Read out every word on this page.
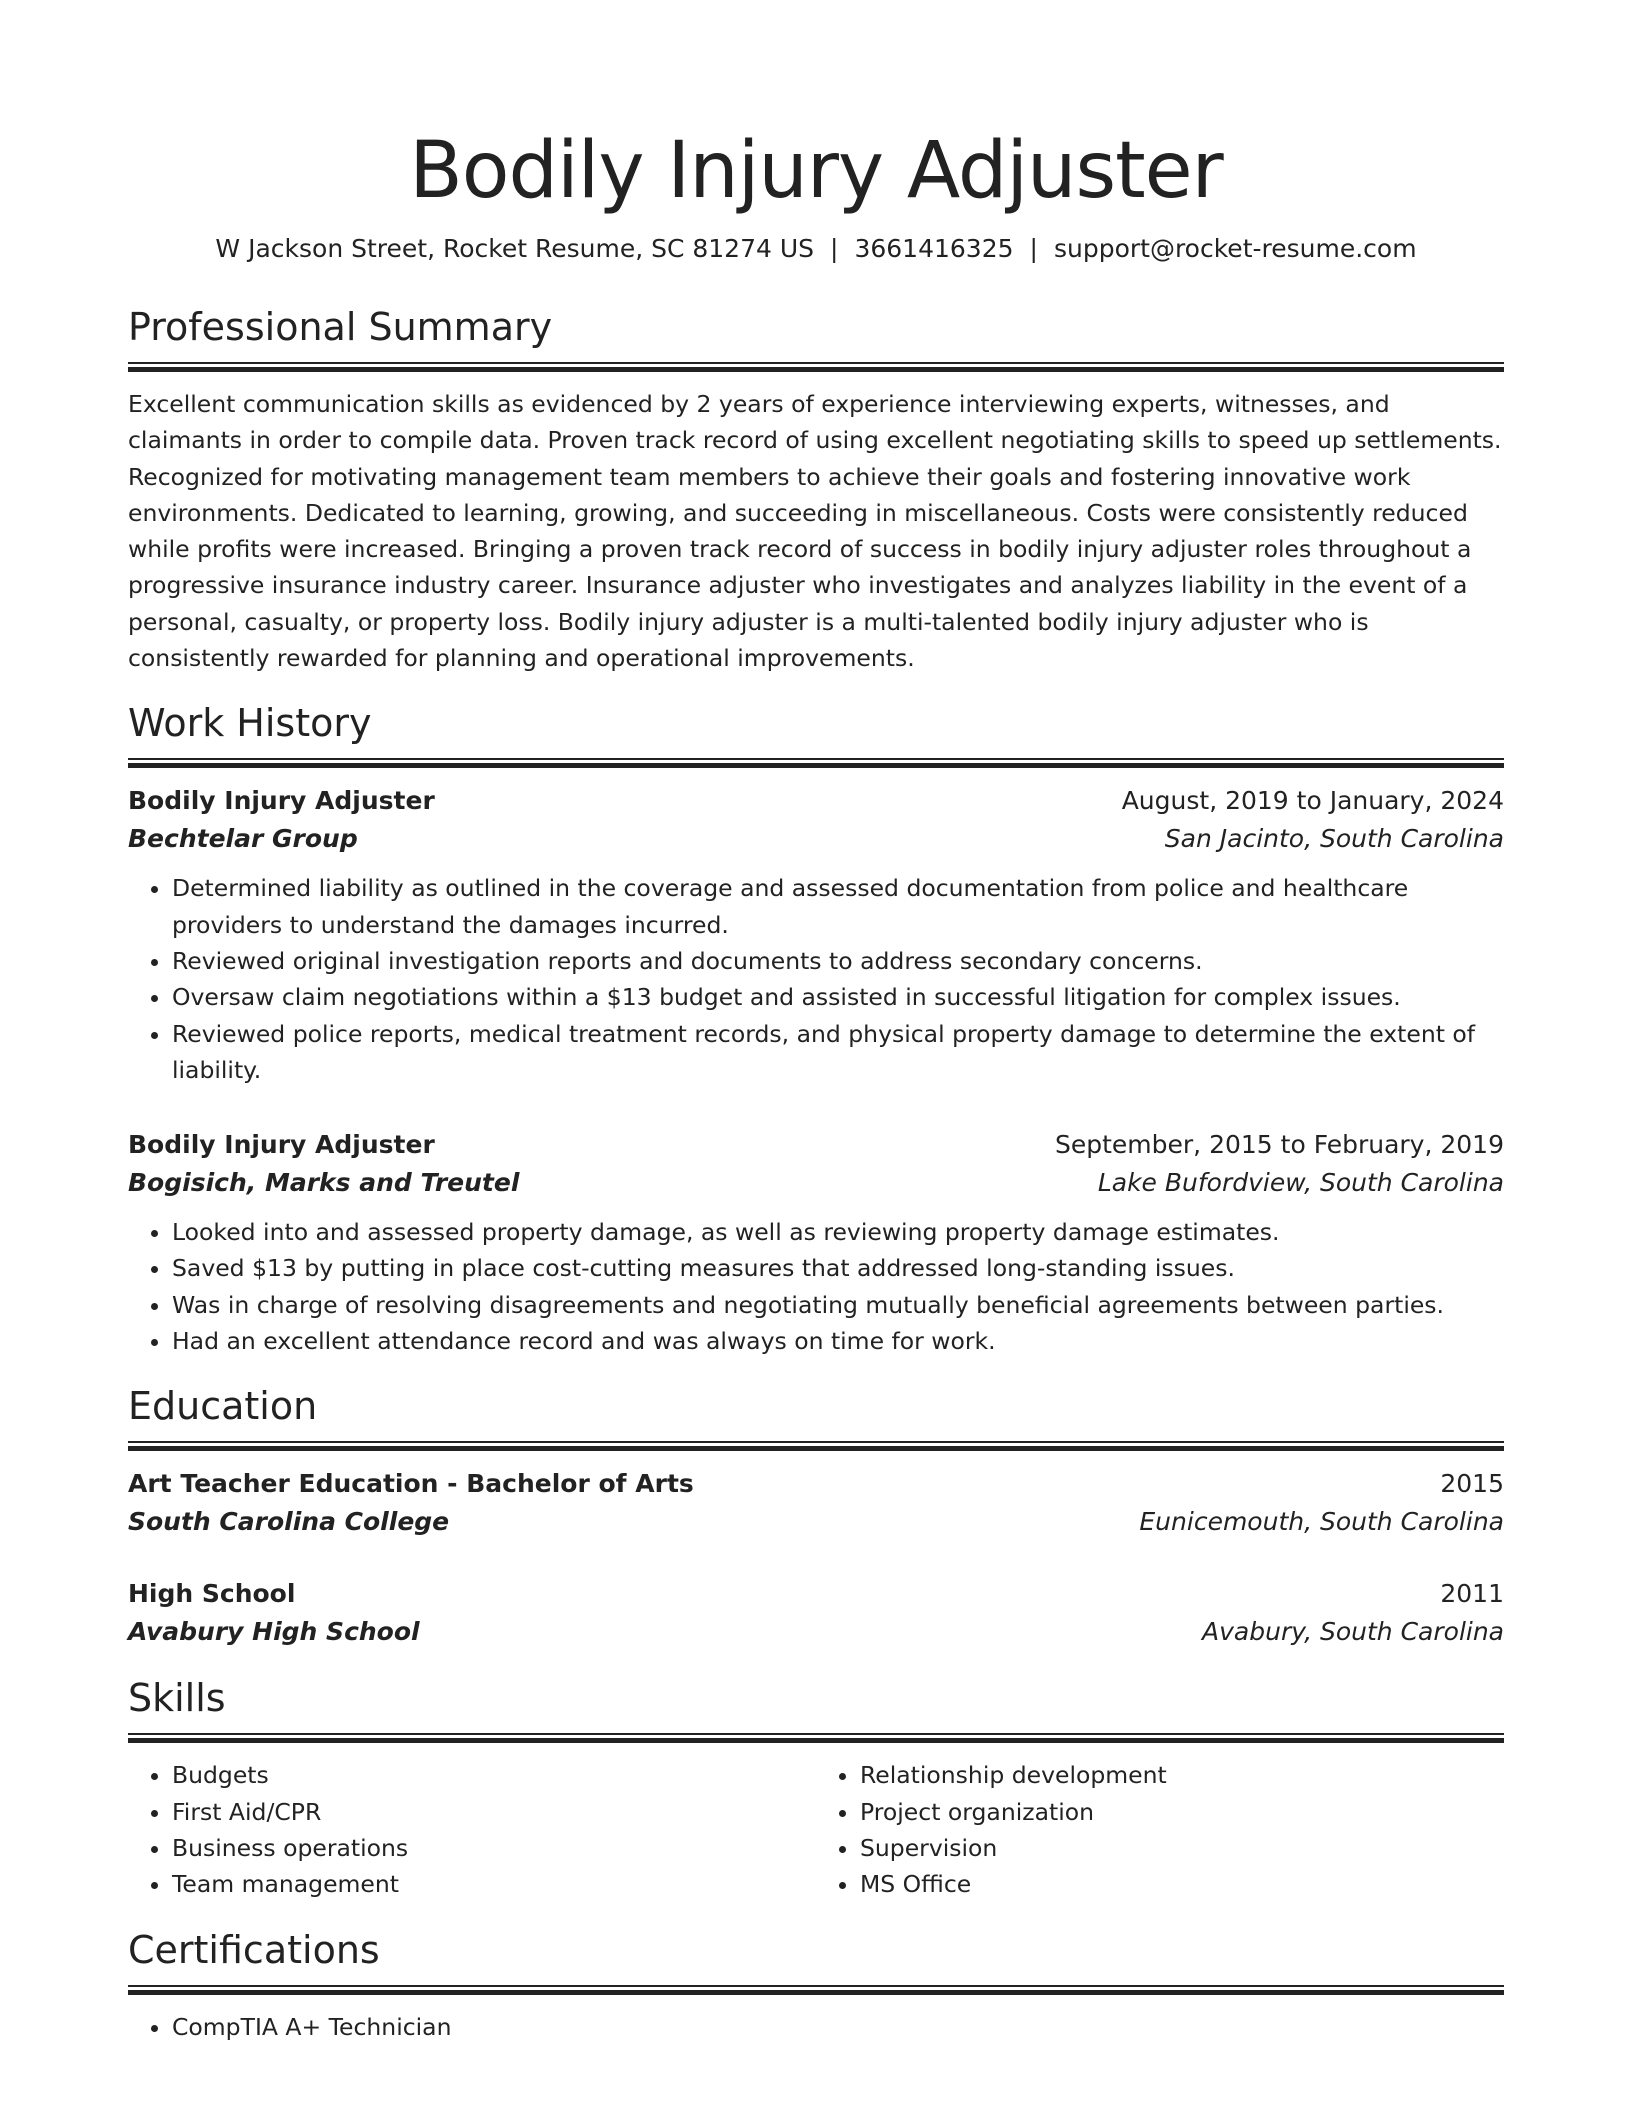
Bodily Injury Adjuster
W Jackson Street, Rocket Resume, SC 81274 US | 3661416325 | support@rocket-resume.com
Professional Summary

Excellent communication skills as evidenced by 2 years of experience interviewing experts, witnesses, and claimants in order to compile data. Proven track record of using excellent negotiating skills to speed up settlements. Recognized for motivating management team members to achieve their goals and fostering innovative work environments. Dedicated to learning, growing, and succeeding in miscellaneous. Costs were consistently reduced while profits were increased. Bringing a proven track record of success in bodily injury adjuster roles throughout a progressive insurance industry career. Insurance adjuster who investigates and analyzes liability in the event of a personal, casualty, or property loss. Bodily injury adjuster is a multi-talented bodily injury adjuster who is consistently rewarded for planning and operational improvements.

Work History
Bodily Injury Adjuster	August, 2019 to January, 2024
Bechtelar Group	San Jacinto, South Carolina
• Determined liability as outlined in the coverage and assessed documentation from police and healthcare providers to understand the damages incurred.
• Reviewed original investigation reports and documents to address secondary concerns.
• Oversaw claim negotiations within a $13 budget and assisted in successful litigation for complex issues.
• Reviewed police reports, medical treatment records, and physical property damage to determine the extent of liability.
Bodily Injury Adjuster	September, 2015 to February, 2019
Bogisich, Marks and Treutel	Lake Bufordview, South Carolina
• Looked into and assessed property damage, as well as reviewing property damage estimates.
• Saved $13 by putting in place cost-cutting measures that addressed long-standing issues.
• Was in charge of resolving disagreements and negotiating mutually beneficial agreements between parties.
• Had an excellent attendance record and was always on time for work.
Education
Art Teacher Education - Bachelor of Arts	2015
South Carolina College	Eunicemouth, South Carolina
High School	2011
Avabury High School	Avabury, South Carolina
Skills
• Budgets
• First Aid/CPR
• Business operations
• Team management
• Relationship development
• Project organization
• Supervision
• MS Office
Certifications
• CompTIA A+ Technician
